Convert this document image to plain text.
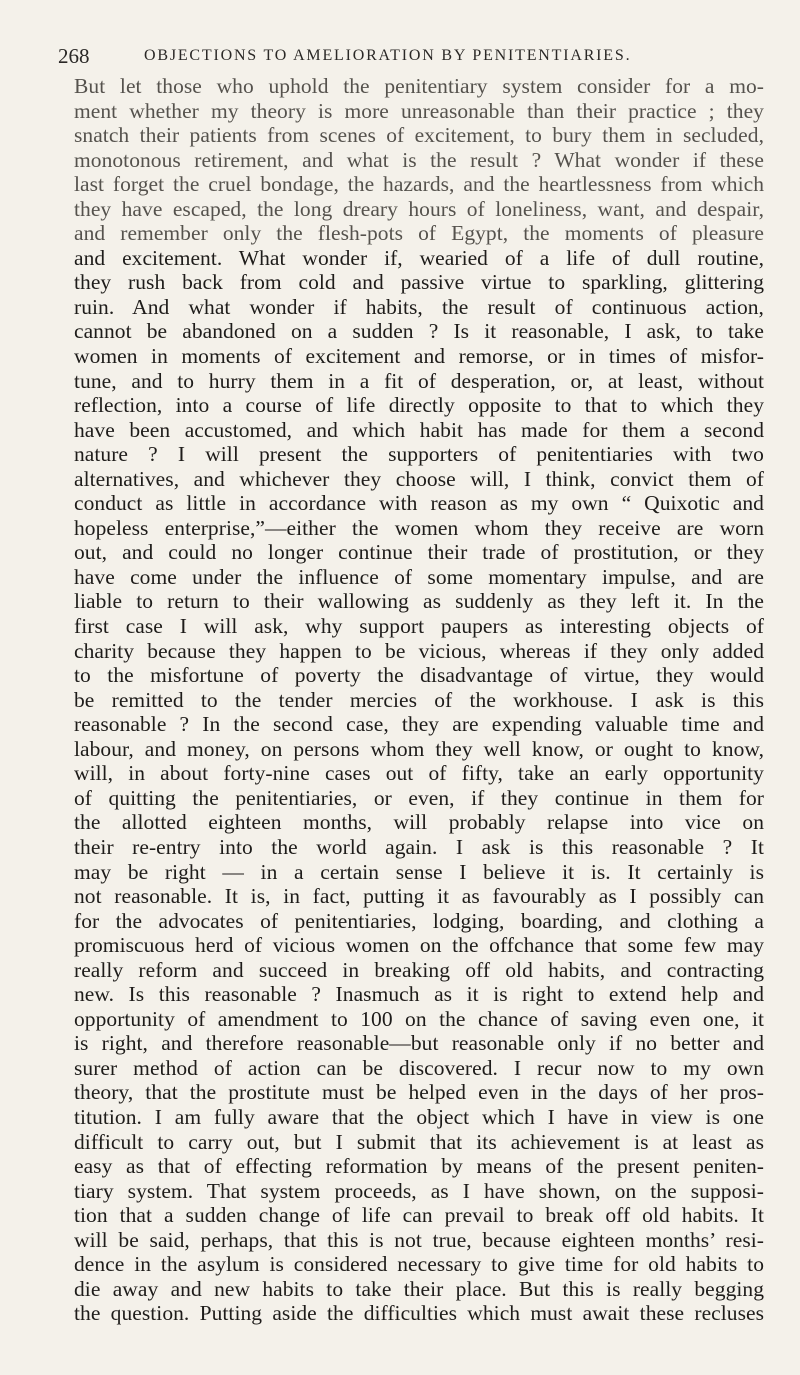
268	OBJECTIONS TO AMELIORATION BY PENITENTIARIES.
But let those who uphold the penitentiary system consider for a mo-
ment whether my theory is more unreasonable than their practice ; they
snatch their patients from scenes of excitement, to bury them in secluded,
monotonous retirement, and what is the result ? What wonder if these
last forget the cruel bondage, the hazards, and the heartlessness from which
they have escaped, the long dreary hours of loneliness, want, and despair,
and remember only the flesh-pots of Egypt, the moments of pleasure
and excitement. What wonder if, wearied of a life of dull routine,
they rush back from cold and passive virtue to sparkling, glittering
ruin. And what wonder if habits, the result of continuous action,
cannot be abandoned on a sudden ? Is it reasonable, I ask, to take
women in moments of excitement and remorse, or in times of misfor-
tune, and to hurry them in a fit of desperation, or, at least, without
reflection, into a course of life directly opposite to that to which they
have been accustomed, and which habit has made for them a second
nature ? I will present the supporters of penitentiaries with two
alternatives, and whichever they choose will, I think, convict them of
conduct as little in accordance with reason as my own “ Quixotic and
hopeless enterprise,”—either the women whom they receive are worn
out, and could no longer continue their trade of prostitution, or they
have come under the influence of some momentary impulse, and are
liable to return to their wallowing as suddenly as they left it. In the
first case I will ask, why support paupers as interesting objects of
charity because they happen to be vicious, whereas if they only added
to the misfortune of poverty the disadvantage of virtue, they would
be remitted to the tender mercies of the workhouse. I ask is this
reasonable ? In the second case, they are expending valuable time and
labour, and money, on persons whom they well know, or ought to know,
will, in about forty-nine cases out of fifty, take an early opportunity
of quitting the penitentiaries, or even, if they continue in them for
the allotted eighteen months, will probably relapse into vice on
their re-entry into the world again. I ask is this reasonable ? It
may be right — in a certain sense I believe it is. It certainly is
not reasonable. It is, in fact, putting it as favourably as I possibly can
for the advocates of penitentiaries, lodging, boarding, and clothing a
promiscuous herd of vicious women on the offchance that some few may
really reform and succeed in breaking off old habits, and contracting
new. Is this reasonable ? Inasmuch as it is right to extend help and
opportunity of amendment to 100 on the chance of saving even one, it
is right, and therefore reasonable—but reasonable only if no better and
surer method of action can be discovered. I recur now to my own
theory, that the prostitute must be helped even in the days of her pros-
titution. I am fully aware that the object which I have in view is one
difficult to carry out, but I submit that its achievement is at least as
easy as that of effecting reformation by means of the present peniten-
tiary system. That system proceeds, as I have shown, on the supposi-
tion that a sudden change of life can prevail to break off old habits. It
will be said, perhaps, that this is not true, because eighteen months’ resi-
dence in the asylum is considered necessary to give time for old habits to
die away and new habits to take their place. But this is really begging
the question. Putting aside the difficulties which must await these recluses
